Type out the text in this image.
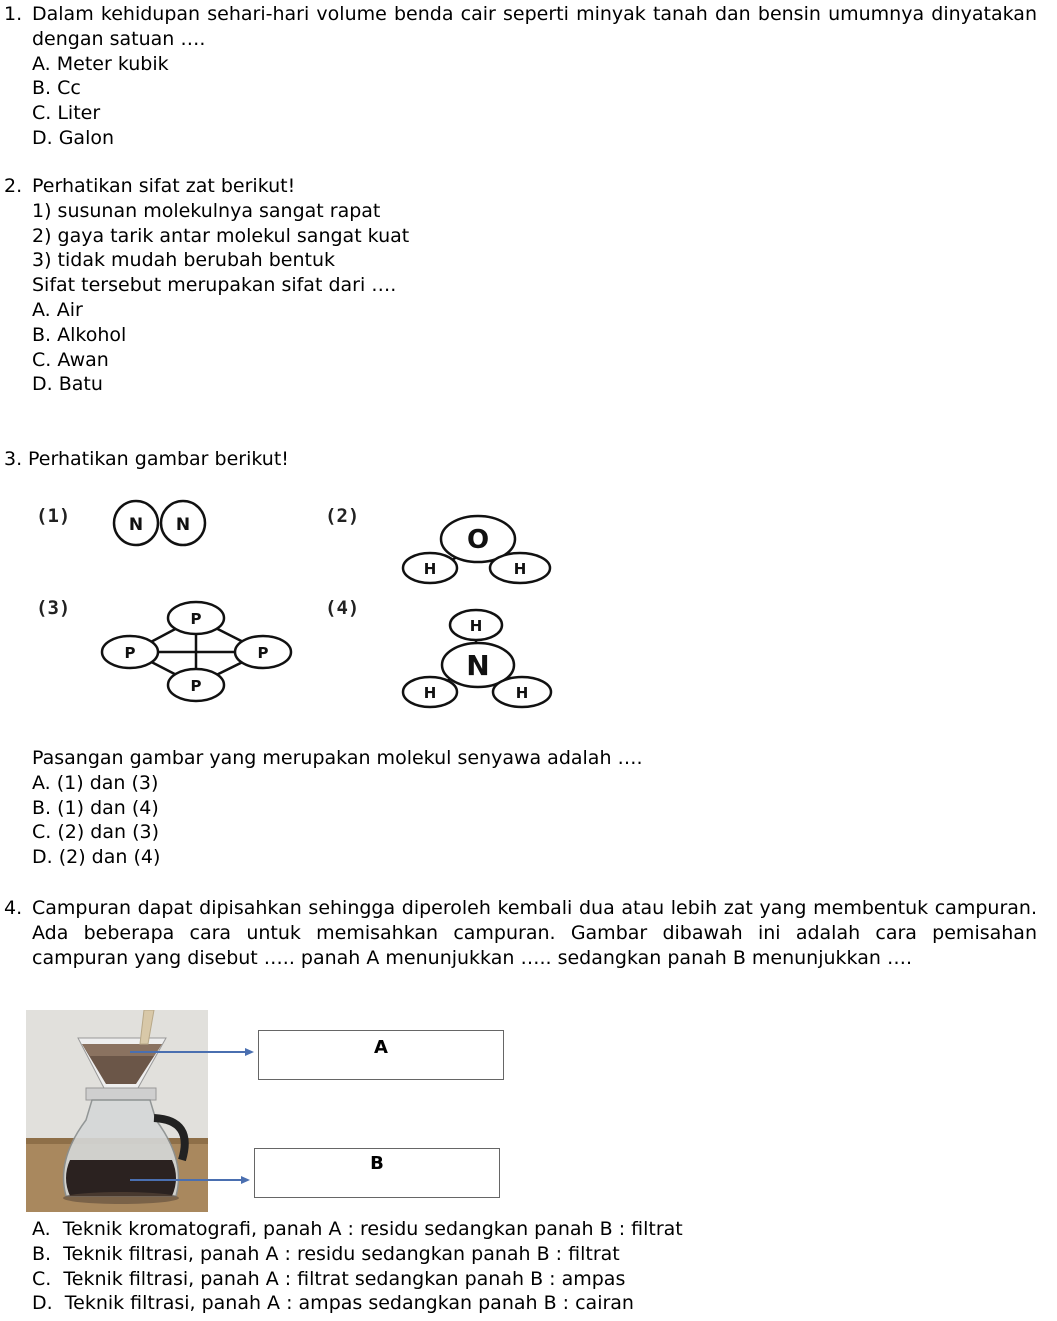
1. Dalam kehidupan sehari-hari volume benda cair seperti minyak tanah dan bensin umumnya dinyatakan dengan satuan ….
A. Meter kubik
B. Cc
C. Liter
D. Galon
2. Perhatikan sifat zat berikut!
1) susunan molekulnya sangat rapat
2) gaya tarik antar molekul sangat kuat
3) tidak mudah berubah bentuk
Sifat tersebut merupakan sifat dari ….
A. Air
B. Alkohol
C. Awan
D. Batu
3. Perhatikan gambar berikut!
(1)	(2)
(3)	(4)
N N	O
H	H
P
P	P
P
H
N
H	H
Pasangan gambar yang merupakan molekul senyawa adalah ….
A. (1) dan (3)
B. (1) dan (4)
C. (2) dan (3)
D. (2) dan (4)
4. Campuran dapat dipisahkan sehingga diperoleh kembali dua atau lebih zat yang membentuk campuran. Ada beberapa cara untuk memisahkan campuran. Gambar dibawah ini adalah cara pemisahan campuran yang disebut ….. panah A menunjukkan ….. sedangkan panah B menunjukkan ….
A
B
A.  Teknik kromatografi, panah A : residu sedangkan panah B : filtrat
B.  Teknik filtrasi, panah A : residu sedangkan panah B : filtrat
C.  Teknik filtrasi, panah A : filtrat sedangkan panah B : ampas
D.  Teknik filtrasi, panah A : ampas sedangkan panah B : cairan
